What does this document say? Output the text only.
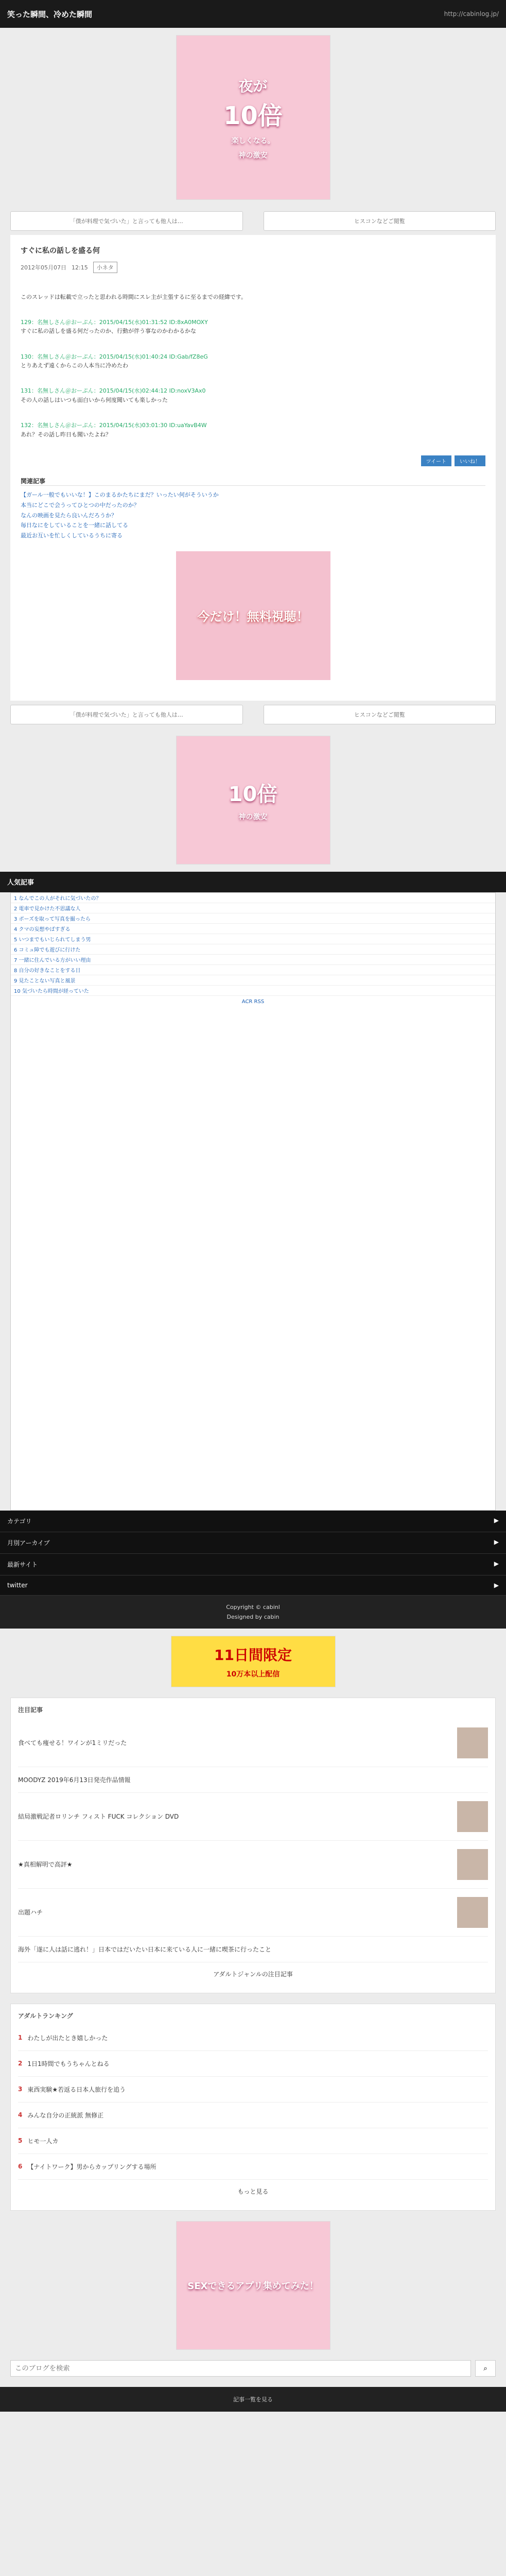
笑った瞬間、冷めた瞬間	http://cabinlog.jp/
夜が
10倍
楽しくなる。
神の激安
「僕が料理で気づいた」と言っても他人は…	ヒスコンなどご閲覧
すぐに私の話しを盛る何
2012年05月07日 12:15	小ネタ

このスレッドは転載で立ったと思われる時間にスレ主が主張するに至るまでの経緯です。

129：名無しさん＠おーぷん：2015/04/15(水)01:31:52 ID:8xA0MOXY
すぐに私の話しを盛る何だったのか、行動が伴う事なのかわかるかな

130：名無しさん＠おーぷん：2015/04/15(水)01:40:24 ID:Gab/fZ8eG
とりあえず遠くからこの人本当に冷めたわ

131：名無しさん＠おーぷん：2015/04/15(水)02:44:12 ID:noxV3Ax0
その人の話しはいつも面白いから何度聞いても楽しかった

132：名無しさん＠おーぷん：2015/04/15(水)03:01:30 ID:uaYavB4W
あれ？その話し昨日も聞いたよね？

ツイート	いいね！
関連記事
【ガール一般でもいいな！】このまるかたちにまだ？いったい何がそういうか
本当にどこで会うってひとつの中だったのか？
なんの映画を見たら良いんだろうか？
毎日なにをしていることを一緒に話してる
最近お互いを忙しくしているうちに寄る
今だけ！無料視聴！
「僕が料理で気づいた」と言っても他人は…	ヒスコンなどご閲覧
10倍
神の激安
人気記事
1 なんでこの人がそれに気づいたの？
2 電車で見かけた不思議な人
3 ポーズを取って写真を撮ったら
4 クマの妄想やばすぎる
5 いつまでもいじられてしまう男
6 コミュ障でも遊びに行けた
7 一緒に住んでいる方がいい理由
8 自分の好きなことをする日
9 見たことない写真と風景
10 気づいたら時間が経っていた
ACR RSS
カテゴリ	▶
月別アーカイブ	▶
最新サイト	▶
twitter	▶
Copyright © cabinl
Designed by cabin
11日間限定
10万本以上配信
注目記事
食べても痩せる！ワインが1ミリだった
MOODYZ 2019年6月13日発売作品情報
結局激戦記者ロリンチ フィスト FUCK コレクション DVD
★真相解明で高評★
出題ハチ
海外「遂に人は話に逃れ！」日本ではだいたい日本に来ている人に一緒に喫茶に行ったこと
アダルトジャンルの注目記事
アダルトランキング
1 わたしが出たとき嬉しかった
2 1日1時間でもうちゃんとねる
3 東西実験★若返る日本人旅行を追う
4 みんな自分の正統派 無修正
5 ヒモ一人カ
6 【ナイトワーク】男からカップリングする場所
もっと見る
SEXできるアプリ集めてみた！
このブログを検索
⌕
記事一覧を見る
